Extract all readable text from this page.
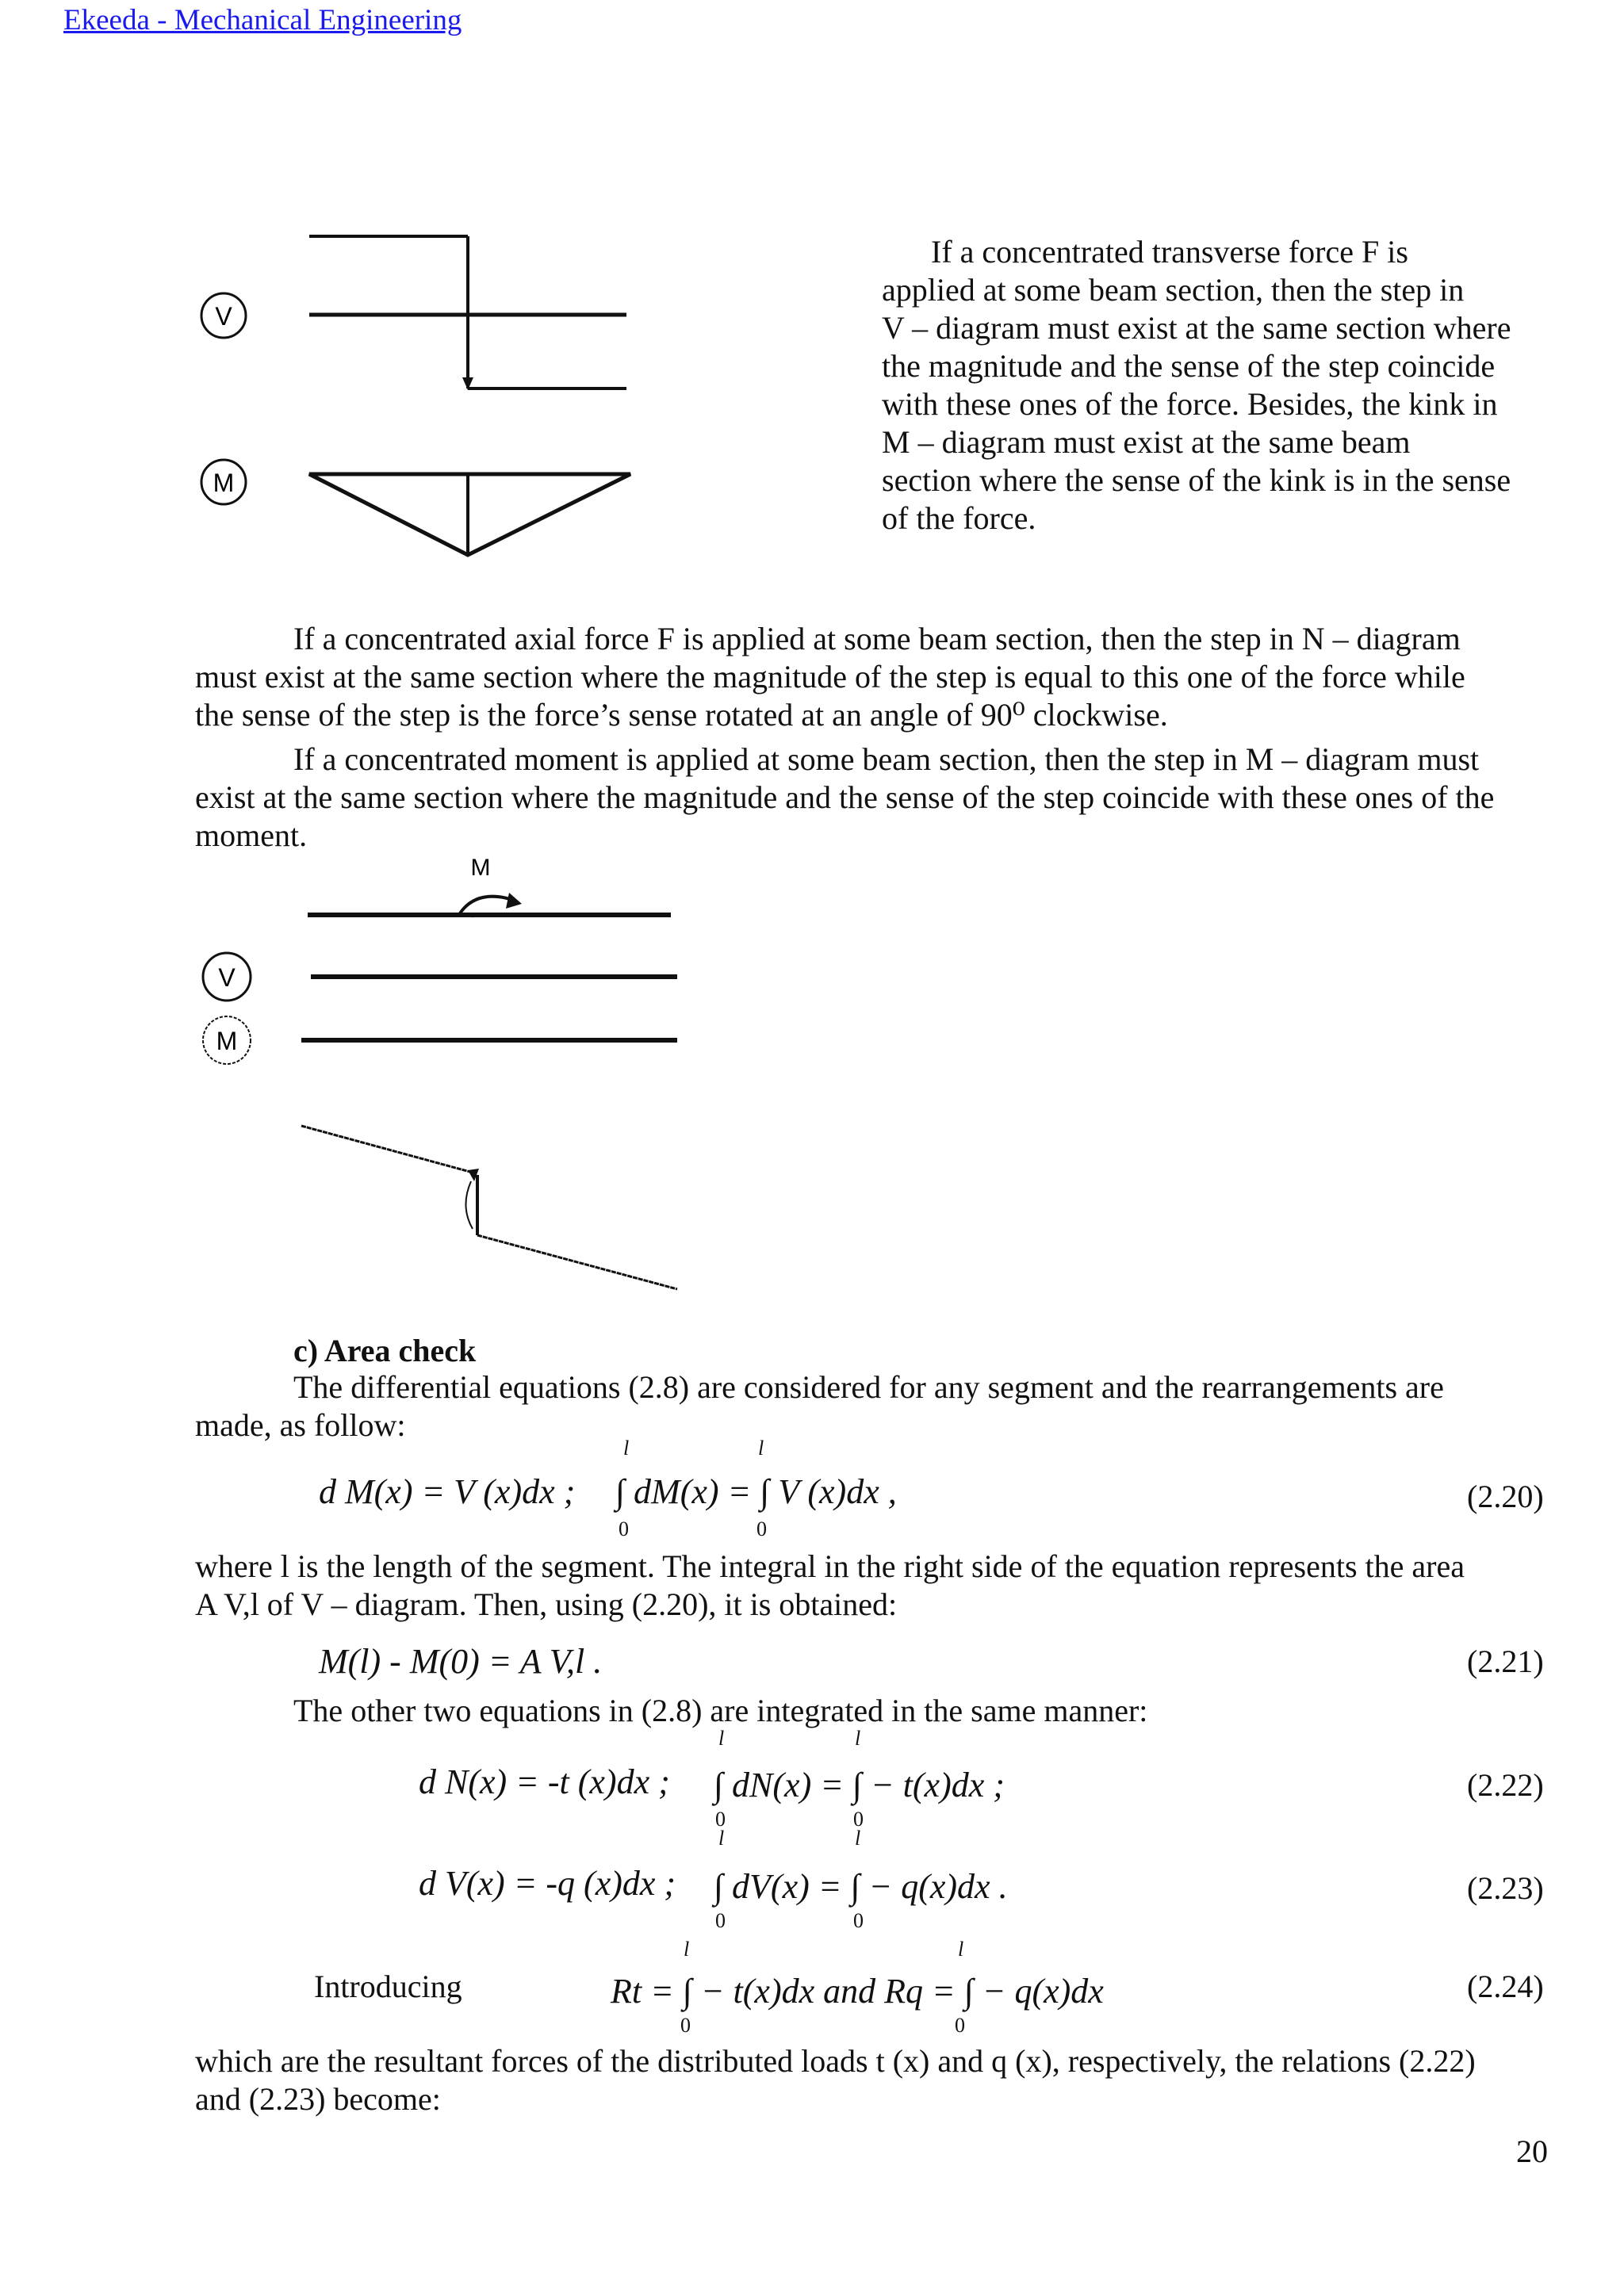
Ekeeda - Mechanical Engineering
V
M
If a concentrated transverse force F is
applied at some beam section, then the step in
V – diagram must exist at the same section where
the magnitude and the sense of the step coincide
with these ones of the force. Besides, the kink in
M – diagram must exist at the same beam
section where the sense of the kink is in the sense
of the force.
If a concentrated axial force F is applied at some beam section, then the step in N – diagram
must exist at the same section where the magnitude of the step is equal to this one of the force while
the sense of the step is the force’s sense rotated at an angle of 90⁰ clockwise.
If a concentrated moment is applied at some beam section, then the step in M – diagram must
exist at the same section where the magnitude and the sense of the step coincide with these ones of the
moment.
M
V
M
c) Area check
The differential equations (2.8) are considered for any segment and the rearrangements are
made, as follow:
l	l
d M(x) = V (x)dx ; ∫ dM(x) = ∫ V (x)dx ,
0	0
(2.20)
where l is the length of the segment. The integral in the right side of the equation represents the area
A V,l of V – diagram. Then, using (2.20), it is obtained:
M(l) - M(0) = A V,l .	(2.21)
The other two equations in (2.8) are integrated in the same manner:
l	l
d N(x) = -t (x)dx ; ∫ dN(x) = ∫ − t(x)dx ;
0	0
(2.22)
l	l
d V(x) = -q (x)dx ; ∫ dV(x) = ∫ − q(x)dx .
0	0
(2.23)
l	l
Introducing	Rt = ∫ − t(x)dx and Rq = ∫ − q(x)dx
0	0
(2.24)
which are the resultant forces of the distributed loads t (x) and q (x), respectively, the relations (2.22)
and (2.23) become:
20
